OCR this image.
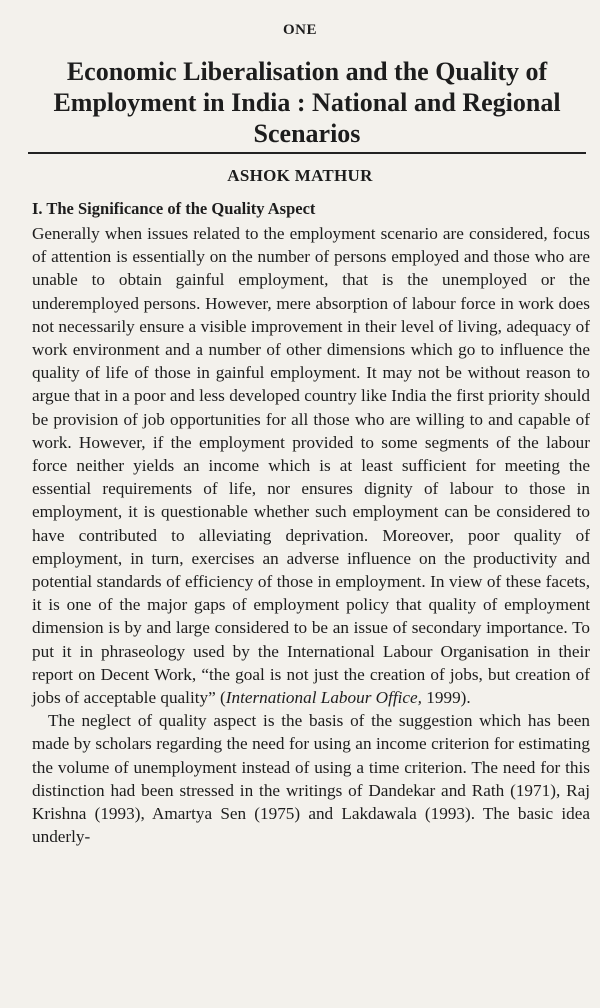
ONE
Economic Liberalisation and the Quality of Employment in India : National and Regional Scenarios
ASHOK MATHUR
I. The Significance of the Quality Aspect

Generally when issues related to the employment scenario are considered, focus of attention is essentially on the number of persons employed and those who are unable to obtain gainful employment, that is the unemployed or the underemployed persons. However, mere absorption of labour force in work does not necessarily ensure a visible improvement in their level of living, adequacy of work environment and a number of other dimensions which go to influence the quality of life of those in gainful employment. It may not be without reason to argue that in a poor and less developed country like India the first priority should be provision of job opportunities for all those who are willing to and capable of work. However, if the employment provided to some segments of the labour force neither yields an income which is at least sufficient for meeting the essential requirements of life, nor ensures dignity of labour to those in employment, it is questionable whether such employment can be considered to have contributed to alleviating deprivation. Moreover, poor quality of employment, in turn, exercises an adverse influence on the productivity and potential standards of efficiency of those in employment. In view of these facets, it is one of the major gaps of employment policy that quality of employment dimension is by and large considered to be an issue of secondary importance. To put it in phraseology used by the International Labour Organisation in their report on Decent Work, “the goal is not just the creation of jobs, but creation of jobs of acceptable quality” (International Labour Office, 1999).

The neglect of quality aspect is the basis of the suggestion which has been made by scholars regarding the need for using an income criterion for estimating the volume of unemployment instead of using a time criterion. The need for this distinction had been stressed in the writings of Dandekar and Rath (1971), Raj Krishna (1993), Amartya Sen (1975) and Lakdawala (1993). The basic idea underly-
